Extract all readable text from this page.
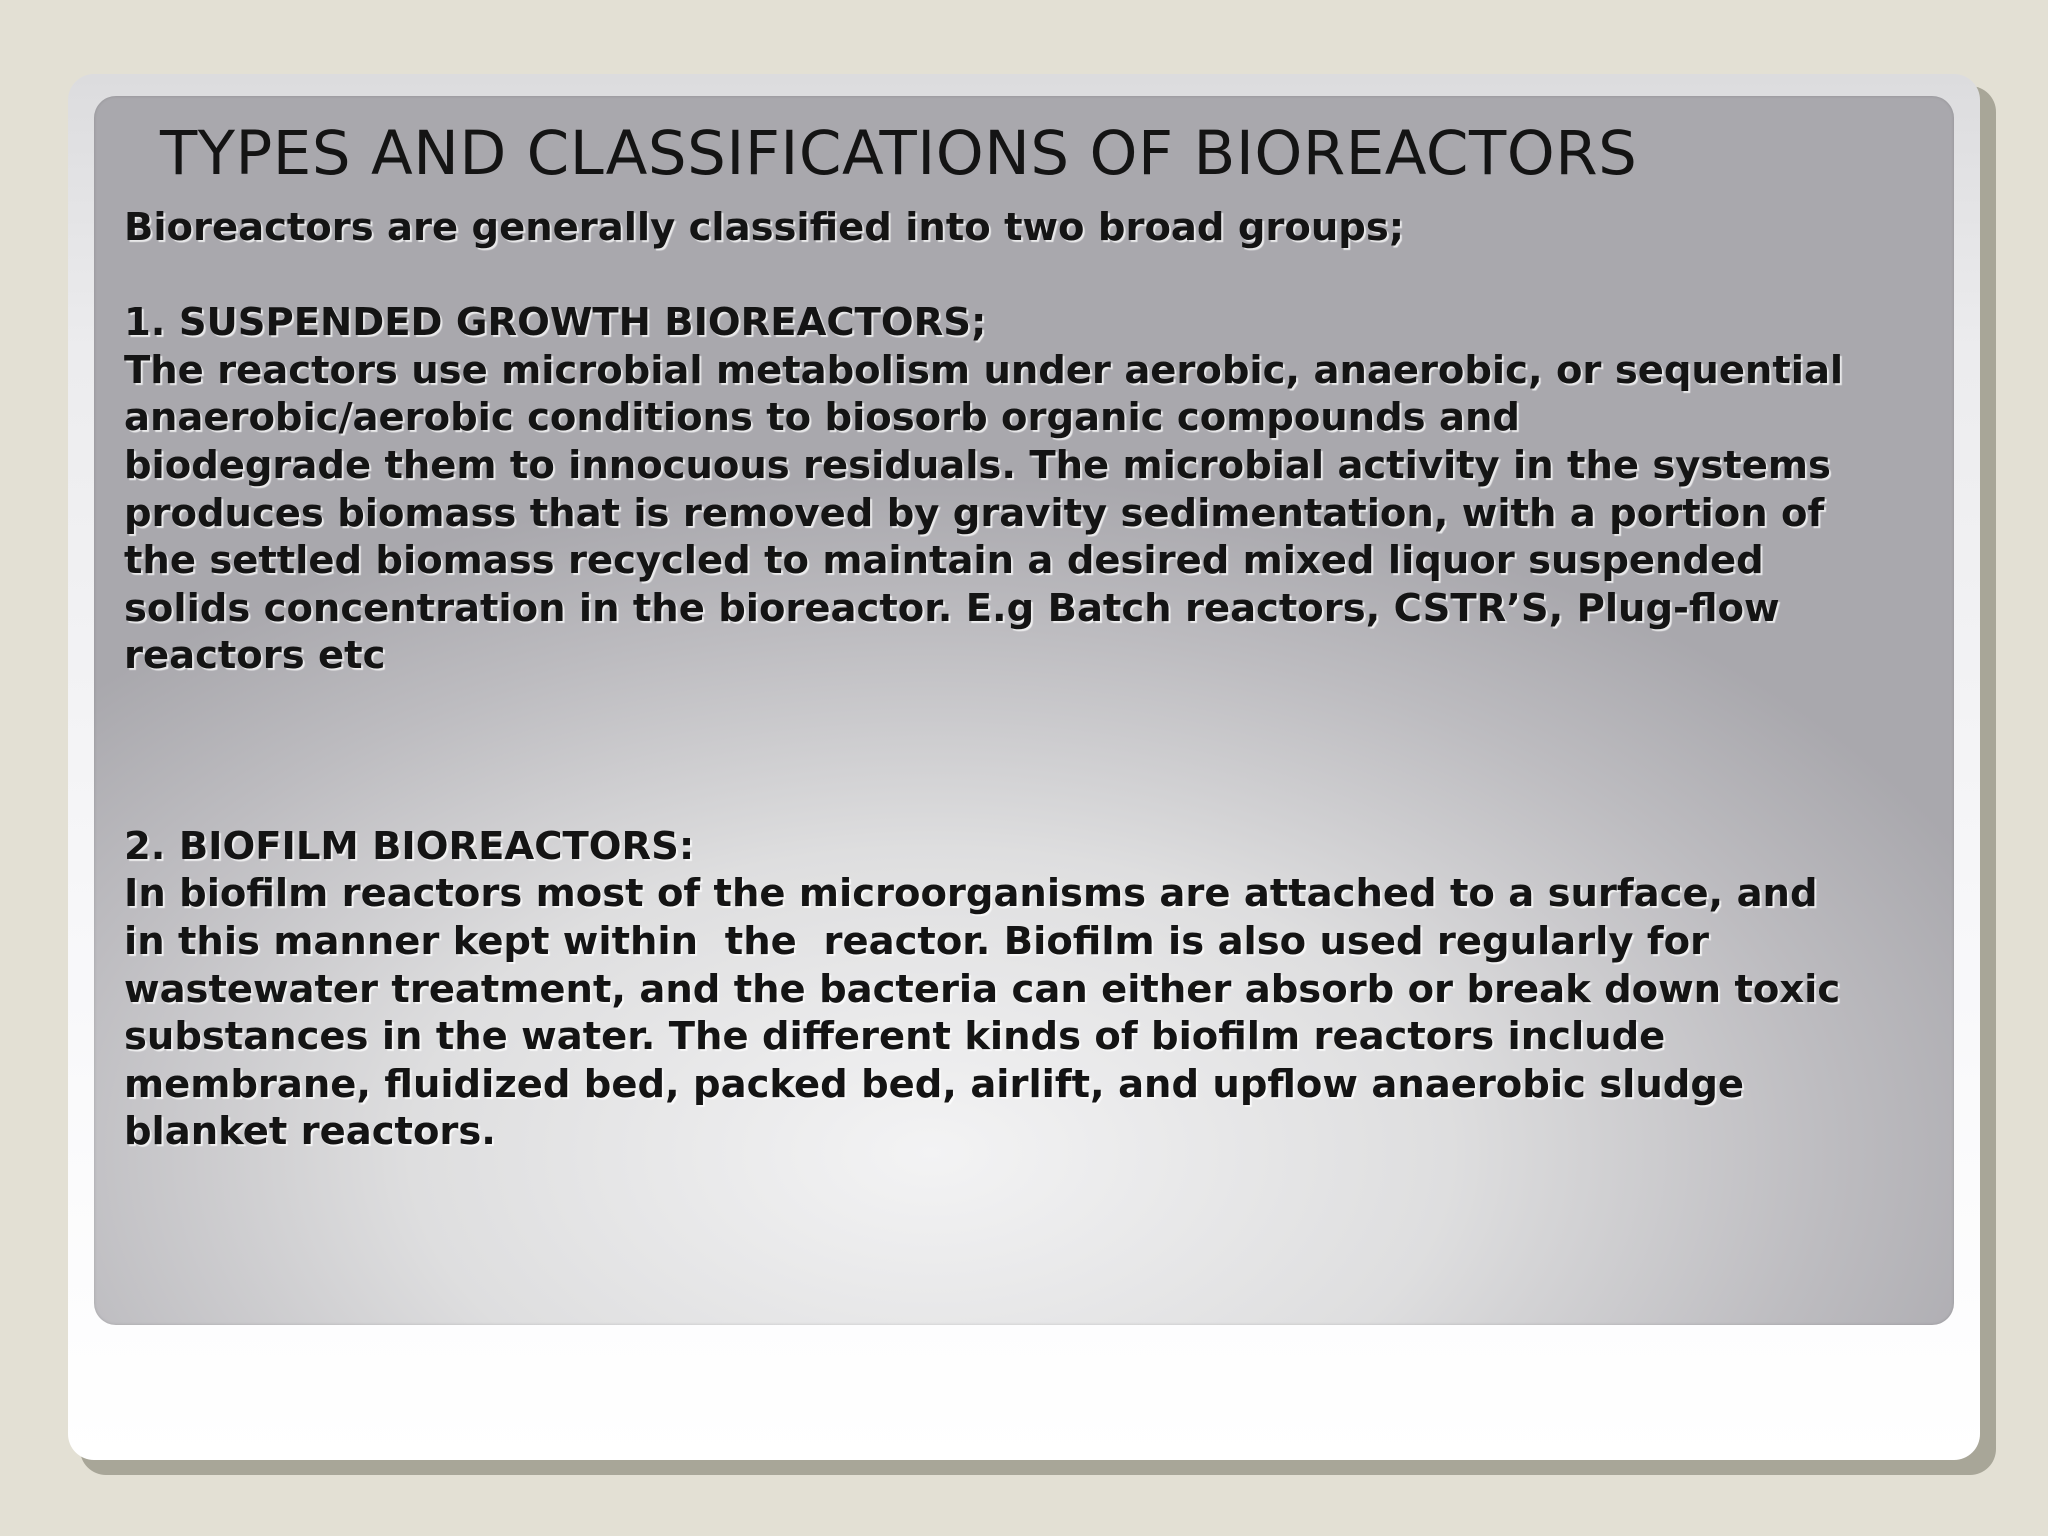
TYPES AND CLASSIFICATIONS OF BIOREACTORS
Bioreactors are generally classified into two broad groups;
1. SUSPENDED GROWTH BIOREACTORS;
The reactors use microbial metabolism under aerobic, anaerobic, or sequential
anaerobic/aerobic conditions to biosorb organic compounds and
biodegrade them to innocuous residuals. The microbial activity in the systems
produces biomass that is removed by gravity sedimentation, with a portion of
the settled biomass recycled to maintain a desired mixed liquor suspended
solids concentration in the bioreactor. E.g Batch reactors, CSTR’S, Plug-flow
reactors etc
2. BIOFILM BIOREACTORS:
In biofilm reactors most of the microorganisms are attached to a surface, and
in this manner kept within  the  reactor. Biofilm is also used regularly for
wastewater treatment, and the bacteria can either absorb or break down toxic
substances in the water. The different kinds of biofilm reactors include
membrane, fluidized bed, packed bed, airlift, and upflow anaerobic sludge
blanket reactors.
